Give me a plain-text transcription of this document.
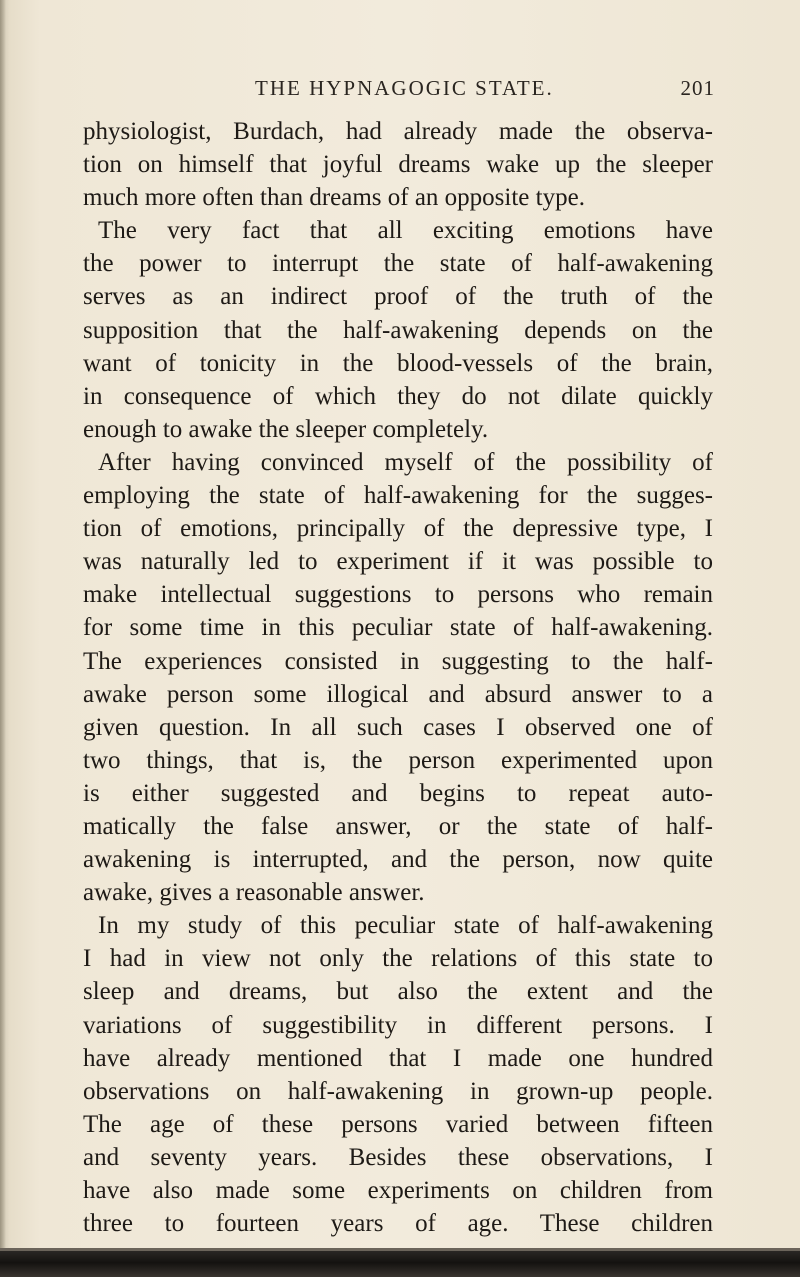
THE HYPNAGOGIC STATE.	201
physiologist, Burdach, had already made the observa-
tion on himself that joyful dreams wake up the sleeper
much more often than dreams of an opposite type.
The very fact that all exciting emotions have
the power to interrupt the state of half-awakening
serves as an indirect proof of the truth of the
supposition that the half-awakening depends on the
want of tonicity in the blood-vessels of the brain,
in consequence of which they do not dilate quickly
enough to awake the sleeper completely.
After having convinced myself of the possibility of
employing the state of half-awakening for the sugges-
tion of emotions, principally of the depressive type, I
was naturally led to experiment if it was possible to
make intellectual suggestions to persons who remain
for some time in this peculiar state of half-awakening.
The experiences consisted in suggesting to the half-
awake person some illogical and absurd answer to a
given question. In all such cases I observed one of
two things, that is, the person experimented upon
is either suggested and begins to repeat auto-
matically the false answer, or the state of half-
awakening is interrupted, and the person, now quite
awake, gives a reasonable answer.
In my study of this peculiar state of half-awakening
I had in view not only the relations of this state to
sleep and dreams, but also the extent and the
variations of suggestibility in different persons. I
have already mentioned that I made one hundred
observations on half-awakening in grown-up people.
The age of these persons varied between fifteen
and seventy years. Besides these observations, I
have also made some experiments on children from
three to fourteen years of age. These children
